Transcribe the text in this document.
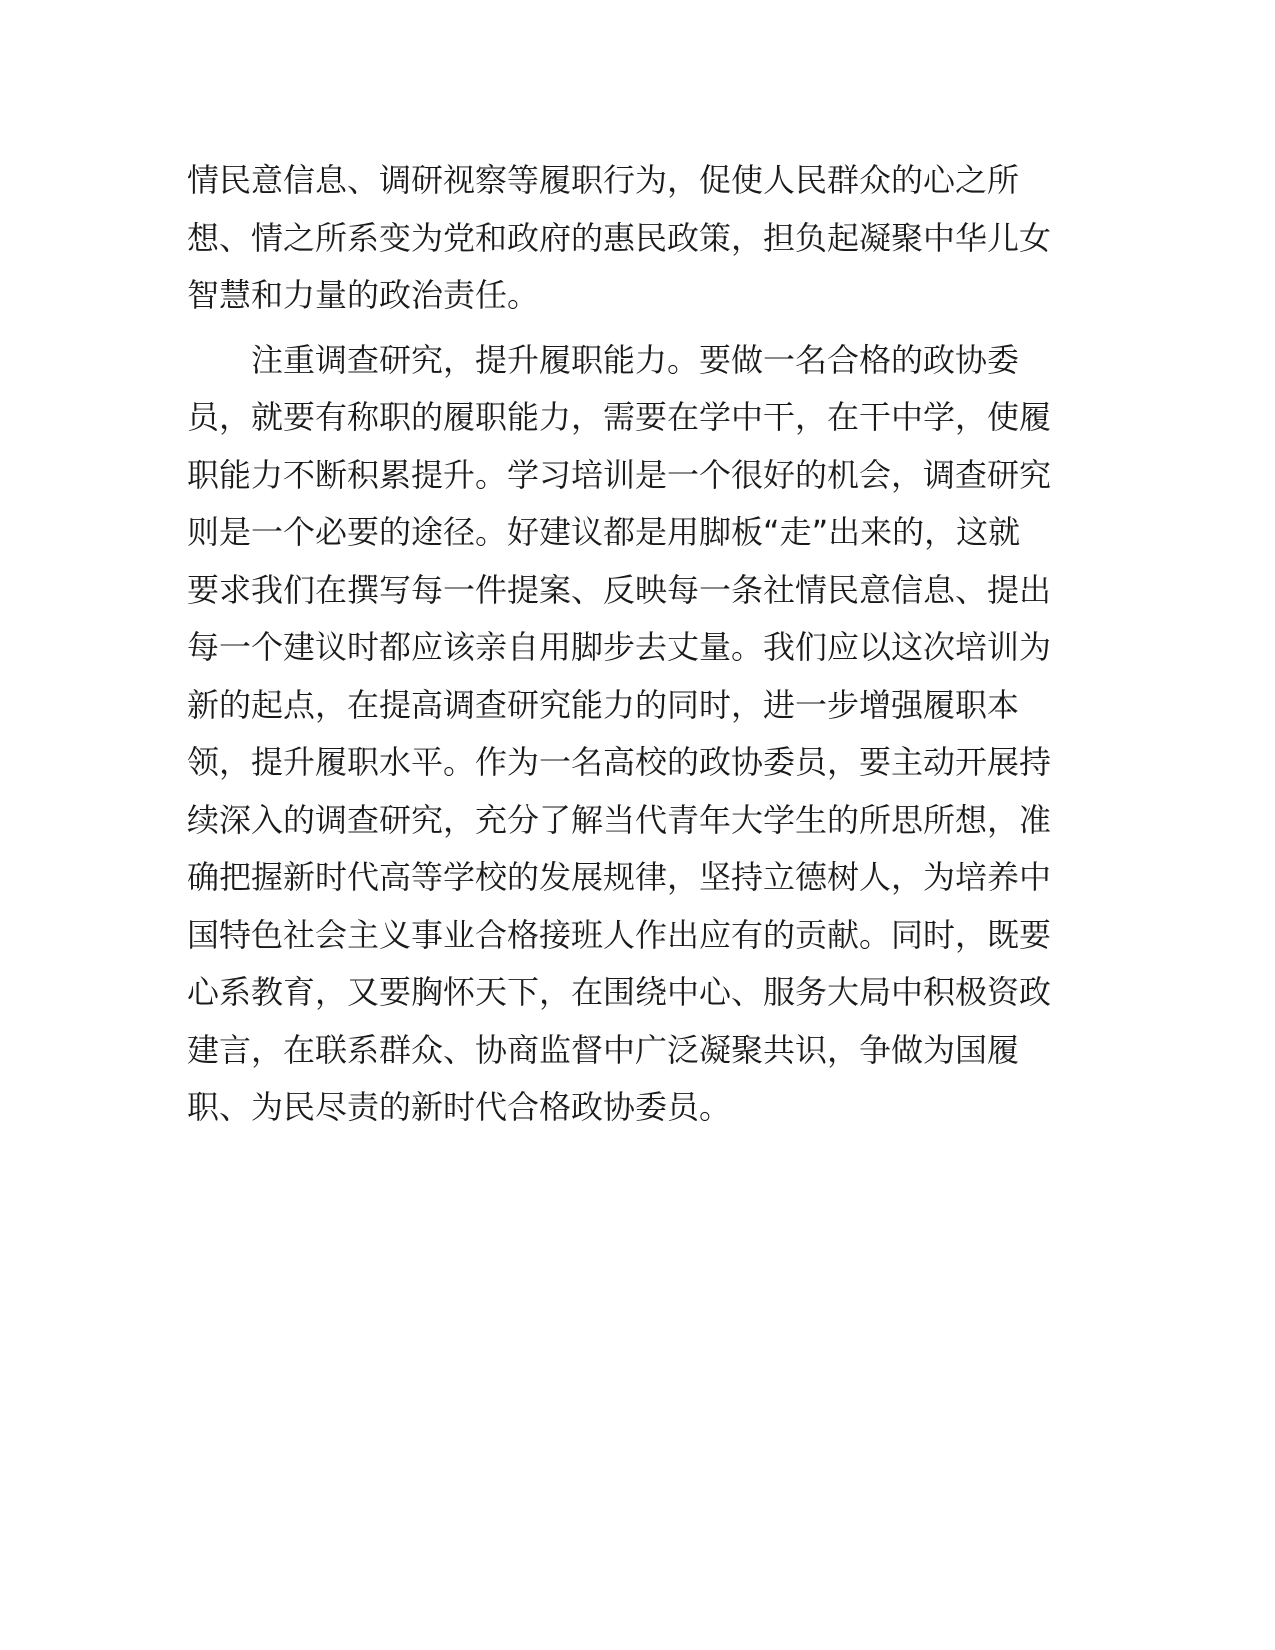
情民意信息、调研视察等履职行为，促使人民群众的心之所
想、情之所系变为党和政府的惠民政策，担负起凝聚中华儿女
智慧和力量的政治责任。
　　注重调查研究，提升履职能力。要做一名合格的政协委
员，就要有称职的履职能力，需要在学中干，在干中学，使履
职能力不断积累提升。学习培训是一个很好的机会，调查研究
则是一个必要的途径。好建议都是用脚板“走”出来的，这就
要求我们在撰写每一件提案、反映每一条社情民意信息、提出
每一个建议时都应该亲自用脚步去丈量。我们应以这次培训为
新的起点，在提高调查研究能力的同时，进一步增强履职本
领，提升履职水平。作为一名高校的政协委员，要主动开展持
续深入的调查研究，充分了解当代青年大学生的所思所想，准
确把握新时代高等学校的发展规律，坚持立德树人，为培养中
国特色社会主义事业合格接班人作出应有的贡献。同时，既要
心系教育，又要胸怀天下，在围绕中心、服务大局中积极资政
建言，在联系群众、协商监督中广泛凝聚共识，争做为国履
职、为民尽责的新时代合格政协委员。
